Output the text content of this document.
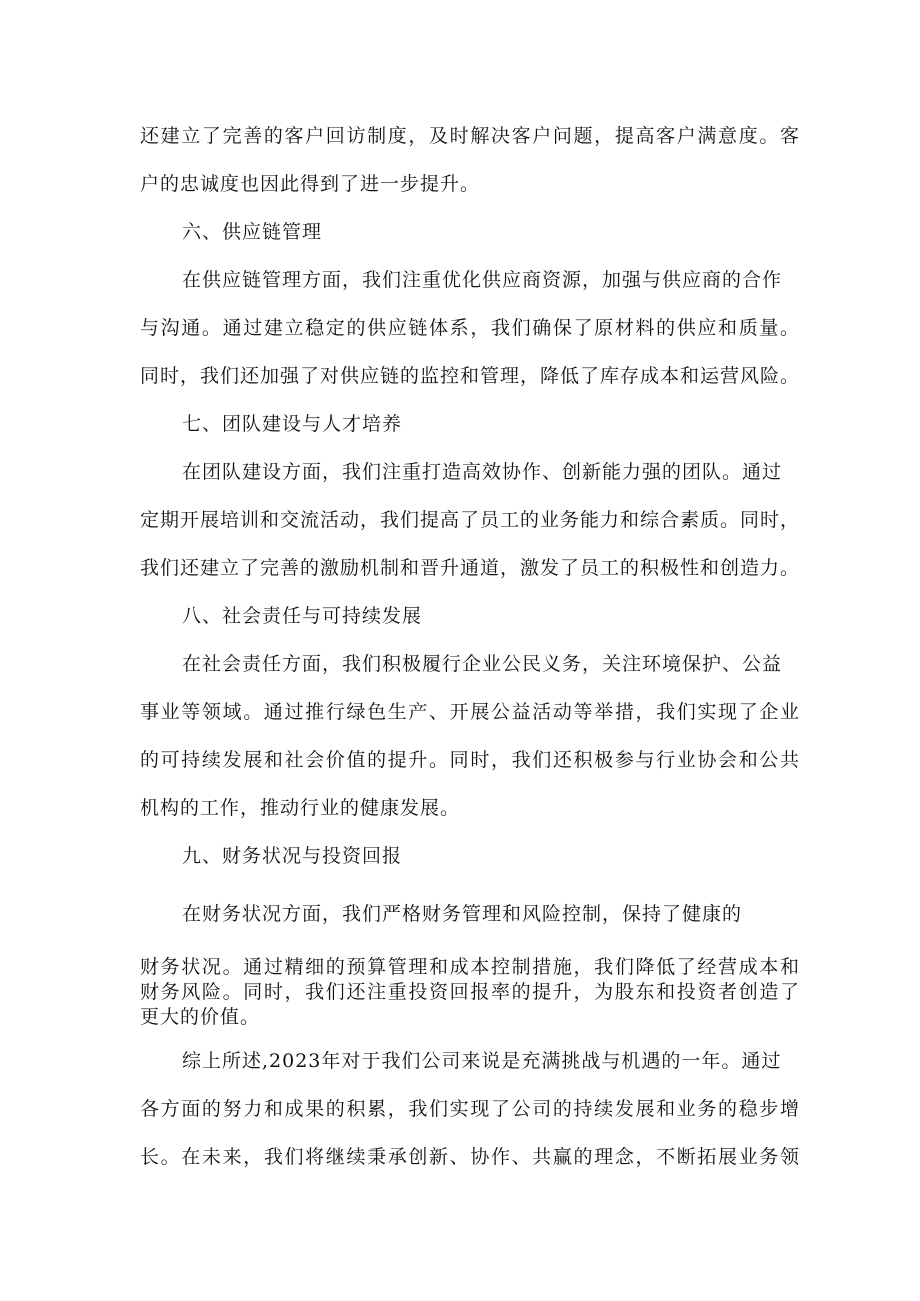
还建立了完善的客户回访制度，及时解决客户问题，提高客户满意度。客
户的忠诚度也因此得到了进一步提升。
六、供应链管理
在供应链管理方面，我们注重优化供应商资源，加强与供应商的合作
与沟通。通过建立稳定的供应链体系，我们确保了原材料的供应和质量。
同时，我们还加强了对供应链的监控和管理，降低了库存成本和运营风险。
七、团队建设与人才培养
在团队建设方面，我们注重打造高效协作、创新能力强的团队。通过
定期开展培训和交流活动，我们提高了员工的业务能力和综合素质。同时，
我们还建立了完善的激励机制和晋升通道，激发了员工的积极性和创造力。
八、社会责任与可持续发展
在社会责任方面，我们积极履行企业公民义务，关注环境保护、公益
事业等领域。通过推行绿色生产、开展公益活动等举措，我们实现了企业
的可持续发展和社会价值的提升。同时，我们还积极参与行业协会和公共
机构的工作，推动行业的健康发展。
九、财务状况与投资回报
在财务状况方面，我们严格财务管理和风险控制，保持了健康的
财务状况。通过精细的预算管理和成本控制措施，我们降低了经营成本和
财务风险。同时，我们还注重投资回报率的提升，为股东和投资者创造了
更大的价值。
综上所述,2023年对于我们公司来说是充满挑战与机遇的一年。通过
各方面的努力和成果的积累，我们实现了公司的持续发展和业务的稳步增
长。在未来，我们将继续秉承创新、协作、共赢的理念，不断拓展业务领
